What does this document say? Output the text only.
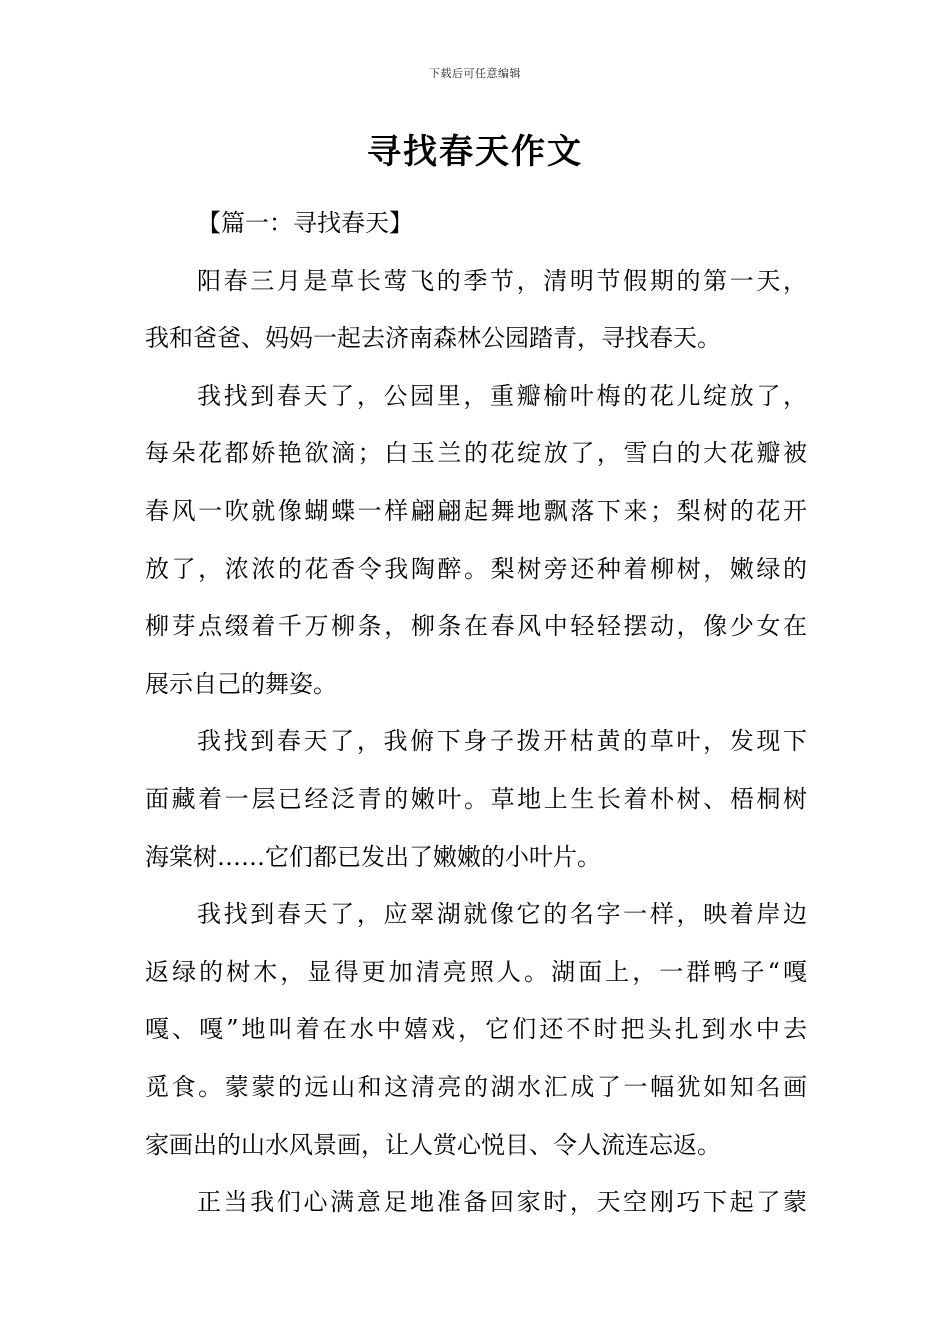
下载后可任意编辑
寻找春天作文
【篇一：寻找春天】
阳春三月是草长莺飞的季节，清明节假期的第一天，
我和爸爸、妈妈一起去济南森林公园踏青，寻找春天。
我找到春天了，公园里，重瓣榆叶梅的花儿绽放了，
每朵花都娇艳欲滴；白玉兰的花绽放了，雪白的大花瓣被
春风一吹就像蝴蝶一样翩翩起舞地飘落下来；梨树的花开
放了，浓浓的花香令我陶醉。梨树旁还种着柳树，嫩绿的
柳芽点缀着千万柳条，柳条在春风中轻轻摆动，像少女在
展示自己的舞姿。
我找到春天了，我俯下身子拨开枯黄的草叶，发现下
面藏着一层已经泛青的嫩叶。草地上生长着朴树、梧桐树
海棠树……它们都已发出了嫩嫩的小叶片。
我找到春天了，应翠湖就像它的名字一样，映着岸边
返绿的树木，显得更加清亮照人。湖面上，一群鸭子“嘎
嘎、嘎”地叫着在水中嬉戏，它们还不时把头扎到水中去
觅食。蒙蒙的远山和这清亮的湖水汇成了一幅犹如知名画
家画出的山水风景画，让人赏心悦目、令人流连忘返。
正当我们心满意足地准备回家时，天空刚巧下起了蒙
